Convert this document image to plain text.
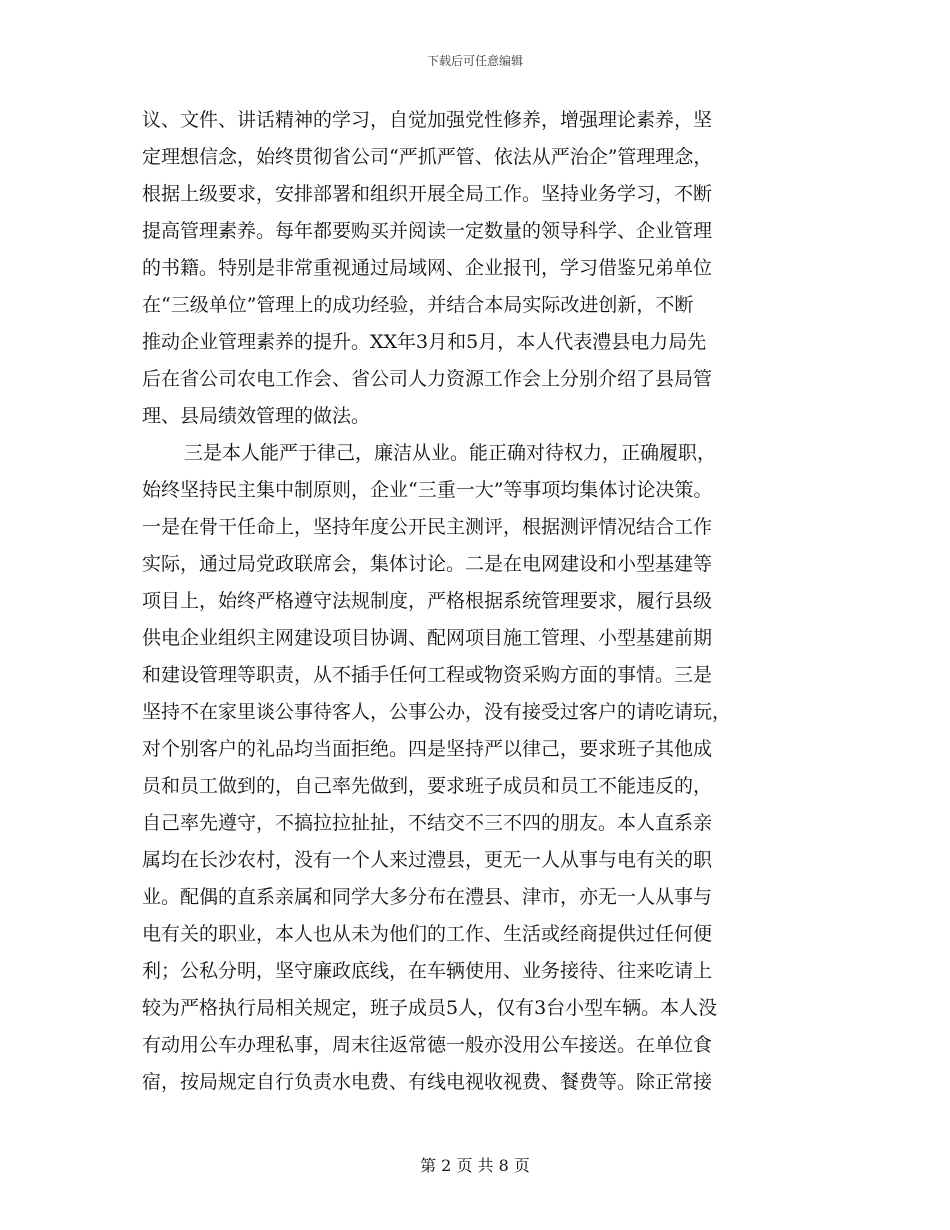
下载后可任意编辑
议、文件、讲话精神的学习，自觉加强党性修养，增强理论素养，坚
定理想信念，始终贯彻省公司“严抓严管、依法从严治企”管理理念，
根据上级要求，安排部署和组织开展全局工作。坚持业务学习，不断
提高管理素养。每年都要购买并阅读一定数量的领导科学、企业管理
的书籍。特别是非常重视通过局域网、企业报刊，学习借鉴兄弟单位
在“三级单位”管理上的成功经验，并结合本局实际改进创新，不断
推动企业管理素养的提升。XX年3月和5月，本人代表澧县电力局先
后在省公司农电工作会、省公司人力资源工作会上分别介绍了县局管
理、县局绩效管理的做法。
三是本人能严于律己，廉洁从业。能正确对待权力，正确履职，
始终坚持民主集中制原则，企业“三重一大”等事项均集体讨论决策。
一是在骨干任命上，坚持年度公开民主测评，根据测评情况结合工作
实际，通过局党政联席会，集体讨论。二是在电网建设和小型基建等
项目上，始终严格遵守法规制度，严格根据系统管理要求，履行县级
供电企业组织主网建设项目协调、配网项目施工管理、小型基建前期
和建设管理等职责，从不插手任何工程或物资采购方面的事情。三是
坚持不在家里谈公事待客人，公事公办，没有接受过客户的请吃请玩，
对个别客户的礼品均当面拒绝。四是坚持严以律己，要求班子其他成
员和员工做到的，自己率先做到，要求班子成员和员工不能违反的，
自己率先遵守，不搞拉拉扯扯，不结交不三不四的朋友。本人直系亲
属均在长沙农村，没有一个人来过澧县，更无一人从事与电有关的职
业。配偶的直系亲属和同学大多分布在澧县、津市，亦无一人从事与
电有关的职业，本人也从未为他们的工作、生活或经商提供过任何便
利；公私分明，坚守廉政底线，在车辆使用、业务接待、往来吃请上
较为严格执行局相关规定，班子成员5人，仅有3台小型车辆。本人没
有动用公车办理私事，周末往返常德一般亦没用公车接送。在单位食
宿，按局规定自行负责水电费、有线电视收视费、餐费等。除正常接
第 2 页 共 8 页
